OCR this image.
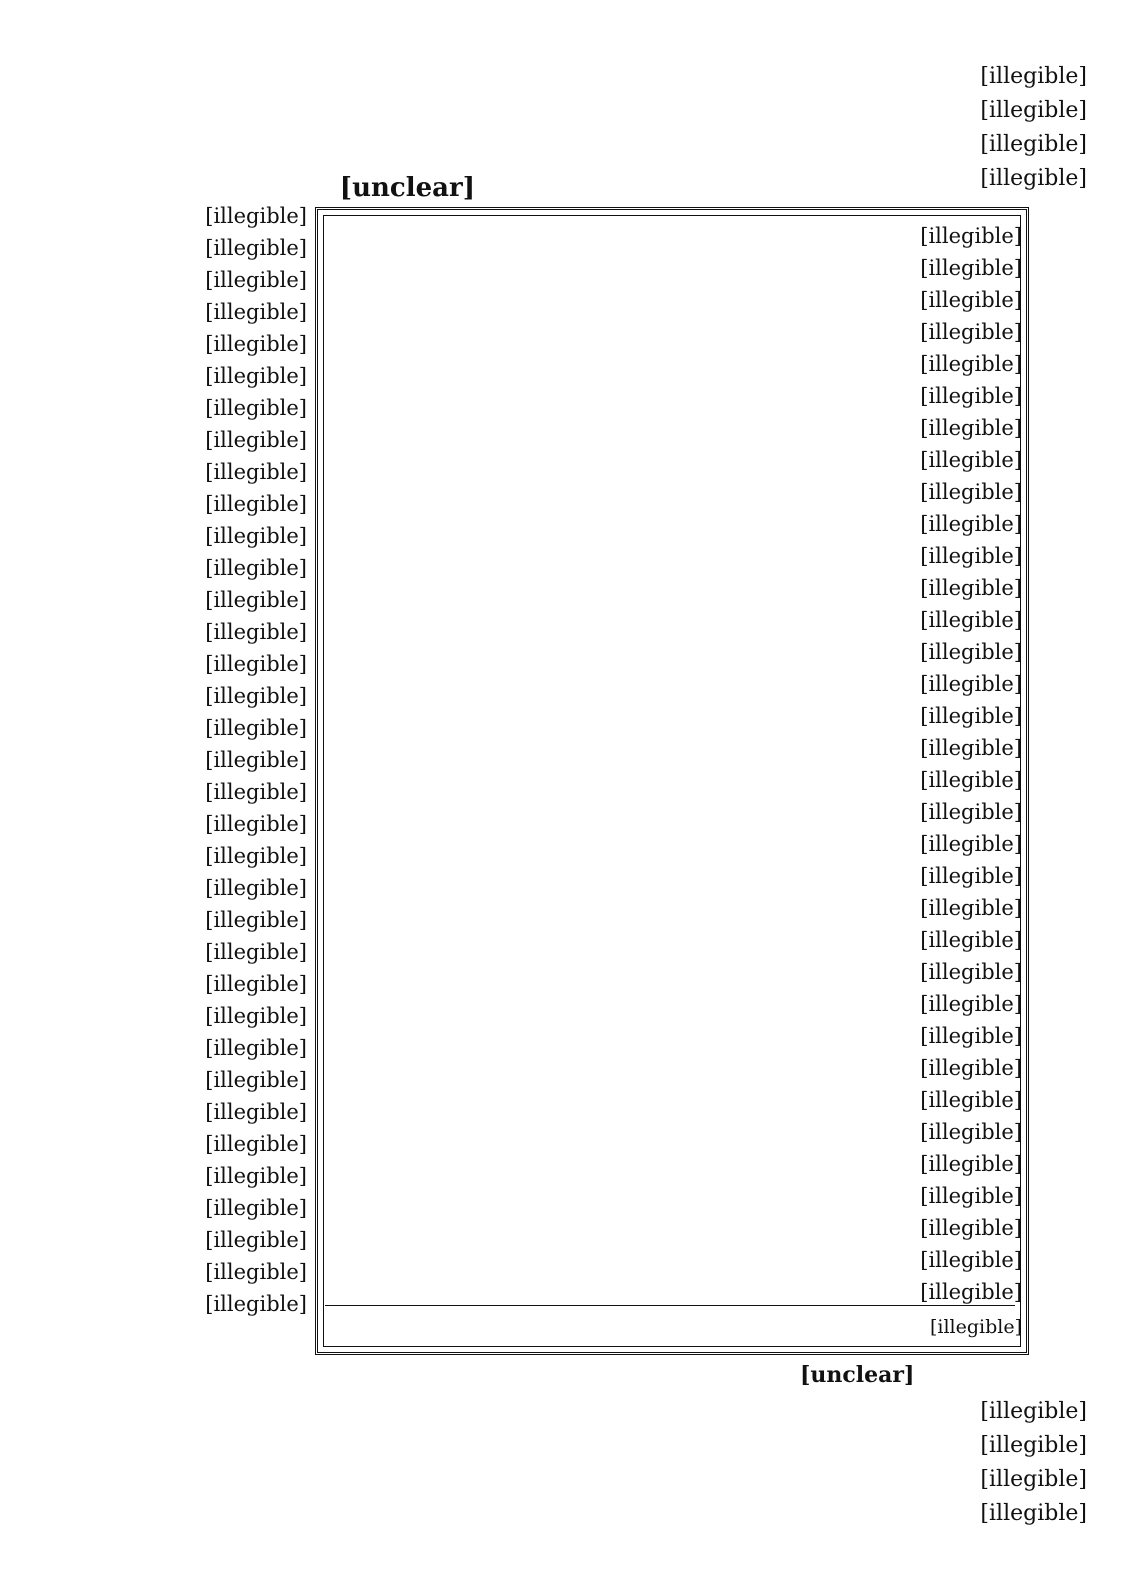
[illegible]
[illegible]
[illegible]
[illegible]
[unclear]
[illegible]
[illegible]
[illegible]
[illegible]
[illegible]
[illegible]
[illegible]
[illegible]
[illegible]
[illegible]
[illegible]
[illegible]
[illegible]
[illegible]
[illegible]
[illegible]
[illegible]
[illegible]
[illegible]
[illegible]
[illegible]
[illegible]
[illegible]
[illegible]
[illegible]
[illegible]
[illegible]
[illegible]
[illegible]
[illegible]
[illegible]
[illegible]
[illegible]
[illegible]
[illegible]
[illegible]
[illegible]
[illegible]
[illegible]
[illegible]
[illegible]
[illegible]
[illegible]
[illegible]
[illegible]
[illegible]
[illegible]
[illegible]
[illegible]
[illegible]
[illegible]
[illegible]
[illegible]
[illegible]
[illegible]
[illegible]
[illegible]
[illegible]
[illegible]
[illegible]
[illegible]
[illegible]
[illegible]
[illegible]
[illegible]
[illegible]
[illegible]
[illegible]
[illegible]
[illegible]
[unclear]
[illegible]
[illegible]
[illegible]
[illegible]
